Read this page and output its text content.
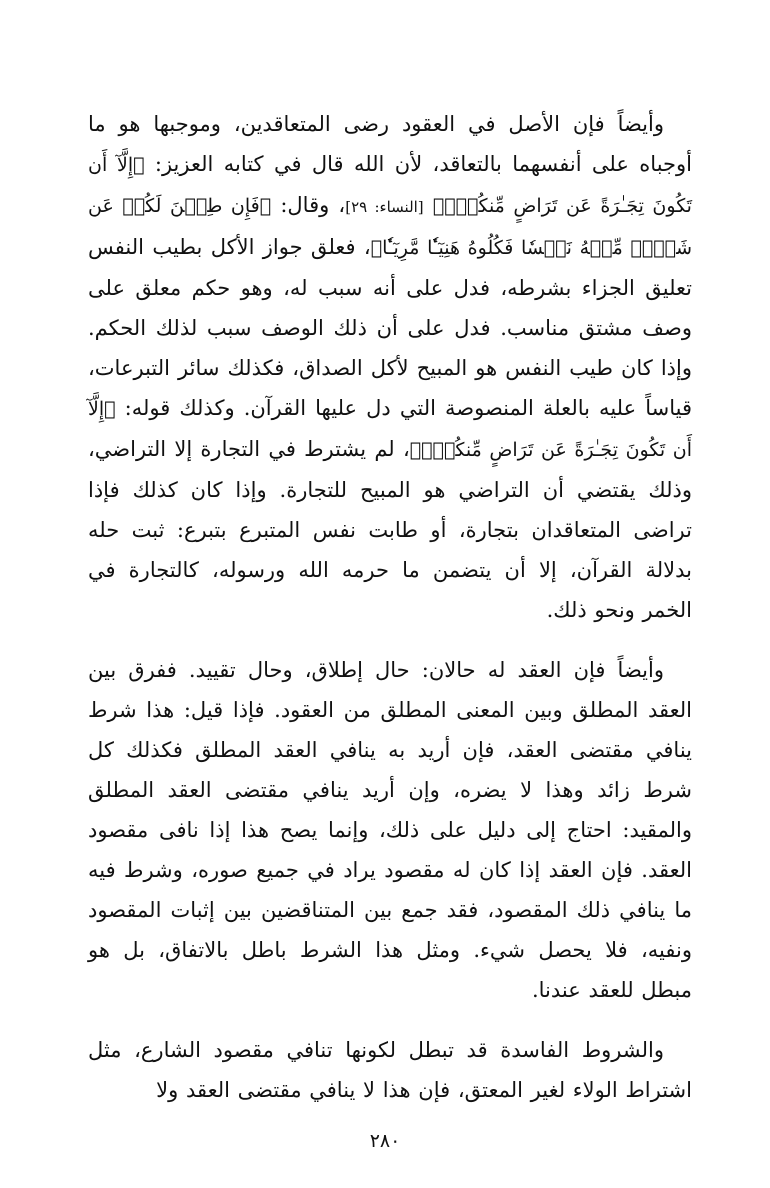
وأيضاً فإن الأصل في العقود رضى المتعاقدين، وموجبها هو ما أوجباه على أنفسهما بالتعاقد، لأن الله قال في كتابه العزيز: ﴿إِلَّآ أَن تَكُونَ تِجَـٰرَةً عَن تَرَاضٍ مِّنكُمۡۚ﴾ [النساء: ٢٩]، وقال: ﴿فَإِن طِبۡنَ لَكُمۡ عَن شَيۡءٖ مِّنۡهُ نَفۡسٗا فَكُلُوهُ هَنِيٓـٔٗا مَّرِيٓـٔٗا﴾، فعلق جواز الأكل بطيب النفس تعليق الجزاء بشرطه، فدل على أنه سبب له، وهو حكم معلق على وصف مشتق مناسب. فدل على أن ذلك الوصف سبب لذلك الحكم. وإذا كان طيب النفس هو المبيح لأكل الصداق، فكذلك سائر التبرعات، قياساً عليه بالعلة المنصوصة التي دل عليها القرآن. وكذلك قوله: ﴿إِلَّآ أَن تَكُونَ تِجَـٰرَةً عَن تَرَاضٍ مِّنكُمۡۚ﴾، لم يشترط في التجارة إلا التراضي، وذلك يقتضي أن التراضي هو المبيح للتجارة. وإذا كان كذلك فإذا تراضى المتعاقدان بتجارة، أو طابت نفس المتبرع بتبرع: ثبت حله بدلالة القرآن، إلا أن يتضمن ما حرمه الله ورسوله، كالتجارة في الخمر ونحو ذلك.

وأيضاً فإن العقد له حالان: حال إطلاق، وحال تقييد. ففرق بين العقد المطلق وبين المعنى المطلق من العقود. فإذا قيل: هذا شرط ينافي مقتضى العقد، فإن أريد به ينافي العقد المطلق فكذلك كل شرط زائد وهذا لا يضره، وإن أريد ينافي مقتضى العقد المطلق والمقيد: احتاج إلى دليل على ذلك، وإنما يصح هذا إذا نافى مقصود العقد. فإن العقد إذا كان له مقصود يراد في جميع صوره، وشرط فيه ما ينافي ذلك المقصود، فقد جمع بين المتناقضين بين إثبات المقصود ونفيه، فلا يحصل شيء. ومثل هذا الشرط باطل بالاتفاق، بل هو مبطل للعقد عندنا.

والشروط الفاسدة قد تبطل لكونها تنافي مقصود الشارع، مثل اشتراط الولاء لغير المعتق، فإن هذا لا ينافي مقتضى العقد ولا

٢٨٠
